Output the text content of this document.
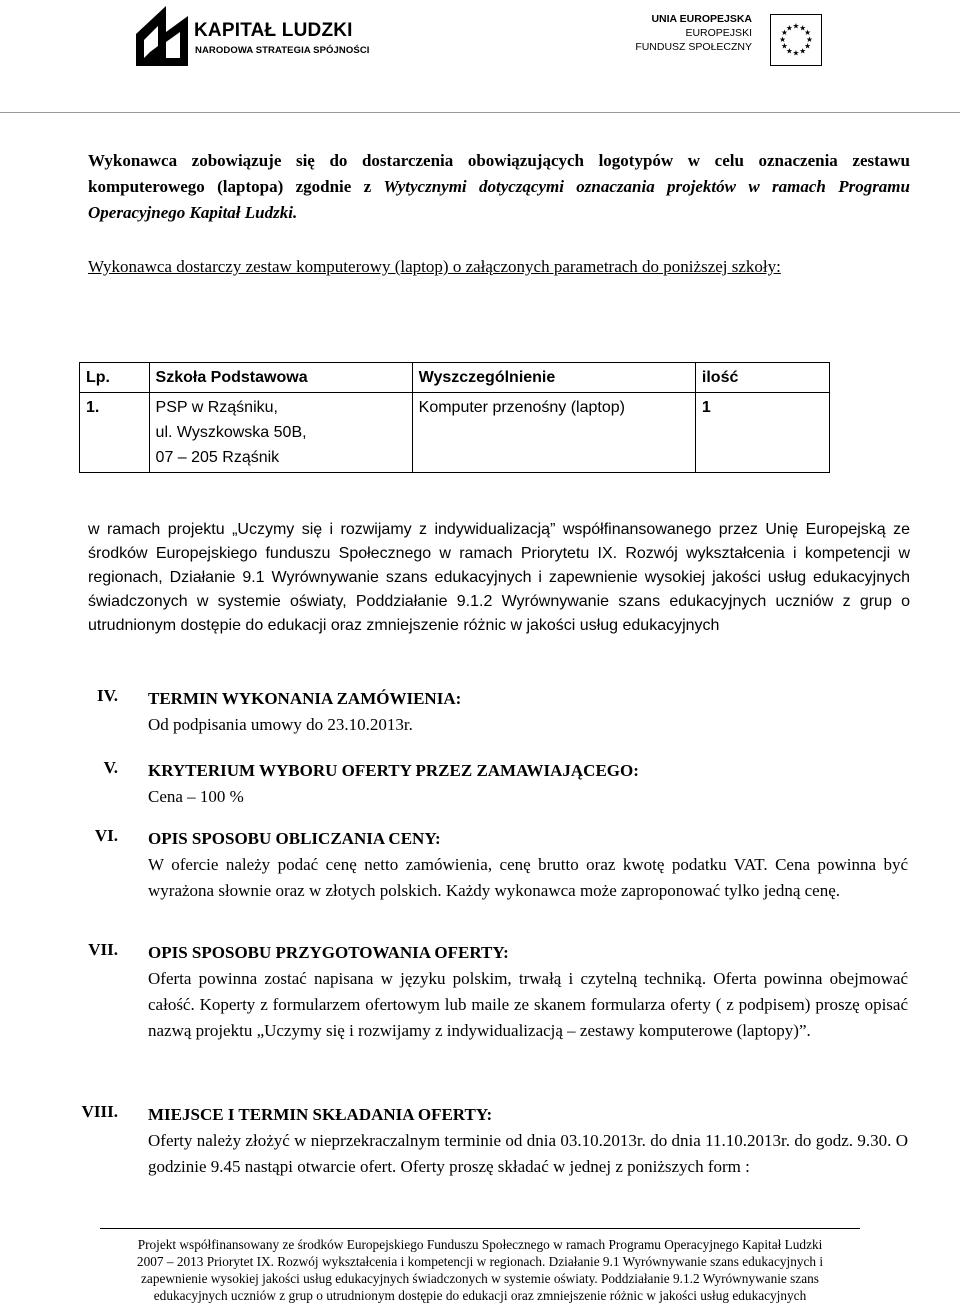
KAPITAŁ LUDZKI
NARODOWA STRATEGIA SPÓJNOŚCI
UNIA EUROPEJSKA
EUROPEJSKI
FUNDUSZ SPOŁECZNY
★ ★
★
★
★
★
★
★
★
★
★
★
Wykonawca zobowiązuje się do dostarczenia obowiązujących logotypów w celu oznaczenia zestawu komputerowego (laptopa) zgodnie z Wytycznymi dotyczącymi oznaczania projektów w ramach Programu Operacyjnego Kapitał Ludzki.
Wykonawca dostarczy zestaw komputerowy (laptop) o załączonych parametrach do poniższej szkoły:
Lp.	Szkoła Podstawowa	Wyszczególnienie	ilość
1.	PSP w Rząśniku,
ul. Wyszkowska 50B,
07 – 205 Rząśnik	Komputer przenośny (laptop)	1
w ramach projektu „Uczymy się i rozwijamy z indywidualizacją” współfinansowanego przez Unię Europejską ze środków Europejskiego funduszu Społecznego w ramach Priorytetu IX. Rozwój wykształcenia i kompetencji w regionach, Działanie 9.1 Wyrównywanie szans edukacyjnych i zapewnienie wysokiej jakości usług edukacyjnych świadczonych w systemie oświaty, Poddziałanie 9.1.2 Wyrównywanie szans edukacyjnych uczniów z grup o utrudnionym dostępie do edukacji oraz zmniejszenie różnic w jakości usług edukacyjnych
IV. TERMIN WYKONANIA ZAMÓWIENIA:
Od podpisania umowy do 23.10.2013r.
V. KRYTERIUM WYBORU OFERTY PRZEZ ZAMAWIAJĄCEGO:
Cena – 100 %
VI. OPIS SPOSOBU OBLICZANIA CENY:
W ofercie należy podać cenę netto zamówienia, cenę brutto oraz kwotę podatku VAT. Cena powinna być wyrażona słownie oraz w złotych polskich. Każdy wykonawca może zaproponować tylko jedną cenę.
VII. OPIS SPOSOBU PRZYGOTOWANIA OFERTY:
Oferta powinna zostać napisana w języku polskim, trwałą i czytelną techniką. Oferta powinna obejmować całość. Koperty z formularzem ofertowym lub maile ze skanem formularza oferty ( z podpisem) proszę opisać nazwą projektu „Uczymy się i rozwijamy z indywidualizacją – zestawy komputerowe (laptopy)”.
VIII. MIEJSCE I TERMIN SKŁADANIA OFERTY:
Oferty należy złożyć w nieprzekraczalnym terminie od dnia 03.10.2013r. do dnia 11.10.2013r. do godz. 9.30. O godzinie 9.45 nastąpi otwarcie ofert. Oferty proszę składać w jednej z poniższych form :
Projekt współfinansowany ze środków Europejskiego Funduszu Społecznego w ramach Programu Operacyjnego Kapitał Ludzki
2007 – 2013 Priorytet IX. Rozwój wykształcenia i kompetencji w regionach. Działanie 9.1 Wyrównywanie szans edukacyjnych i
zapewnienie wysokiej jakości usług edukacyjnych świadczonych w systemie oświaty. Poddziałanie 9.1.2 Wyrównywanie szans
edukacyjnych uczniów z grup o utrudnionym dostępie do edukacji oraz zmniejszenie różnic w jakości usług edukacyjnych
